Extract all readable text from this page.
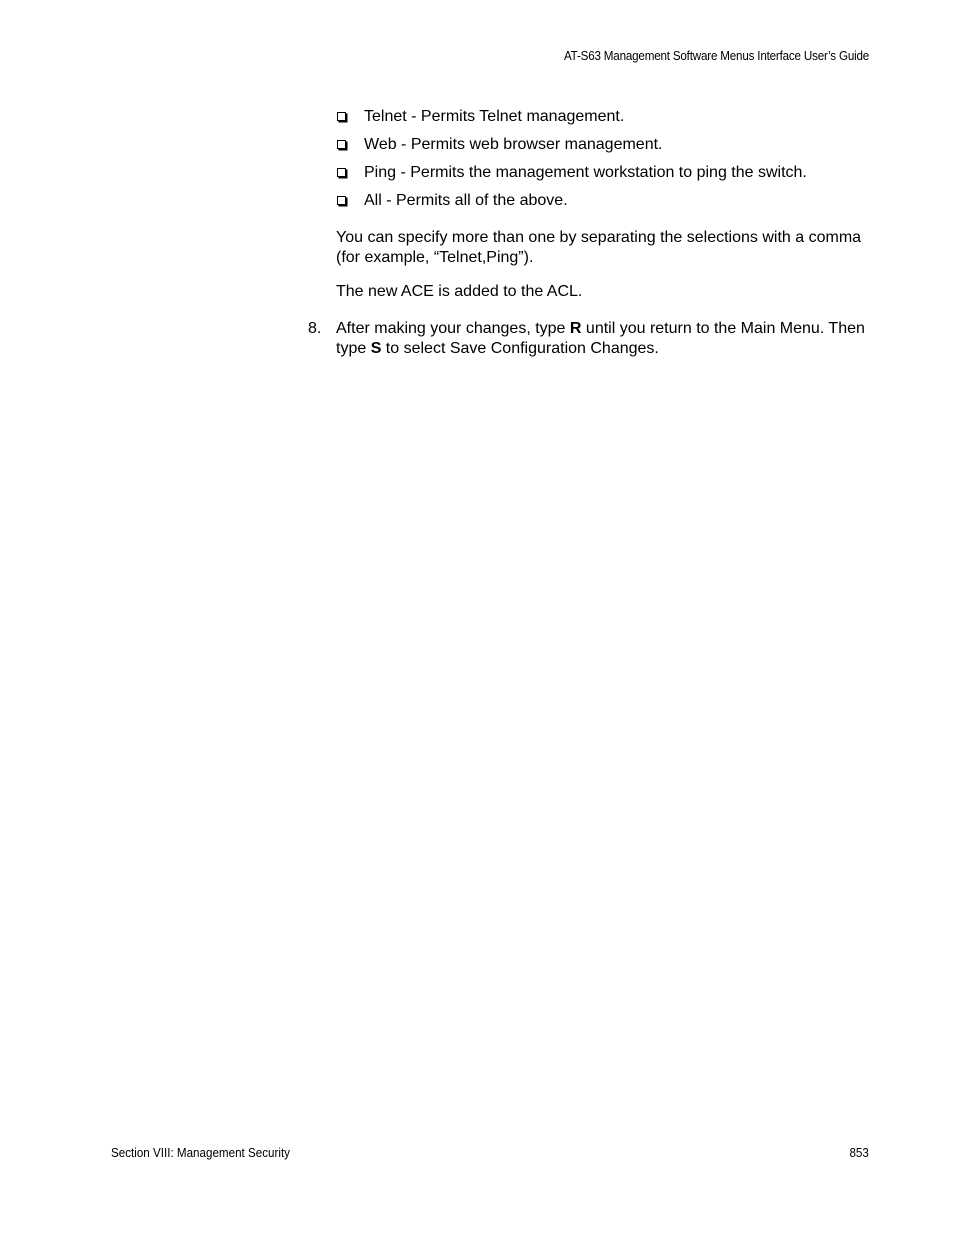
AT-S63 Management Software Menus Interface User’s Guide
Telnet - Permits Telnet management.
Web - Permits web browser management.
Ping - Permits the management workstation to ping the switch.
All - Permits all of the above.

You can specify more than one by separating the selections with a comma (for example, “Telnet,Ping”).

The new ACE is added to the ACL.

8. After making your changes, type R until you return to the Main Menu. Then type S to select Save Configuration Changes.
Section VIII: Management Security	853
